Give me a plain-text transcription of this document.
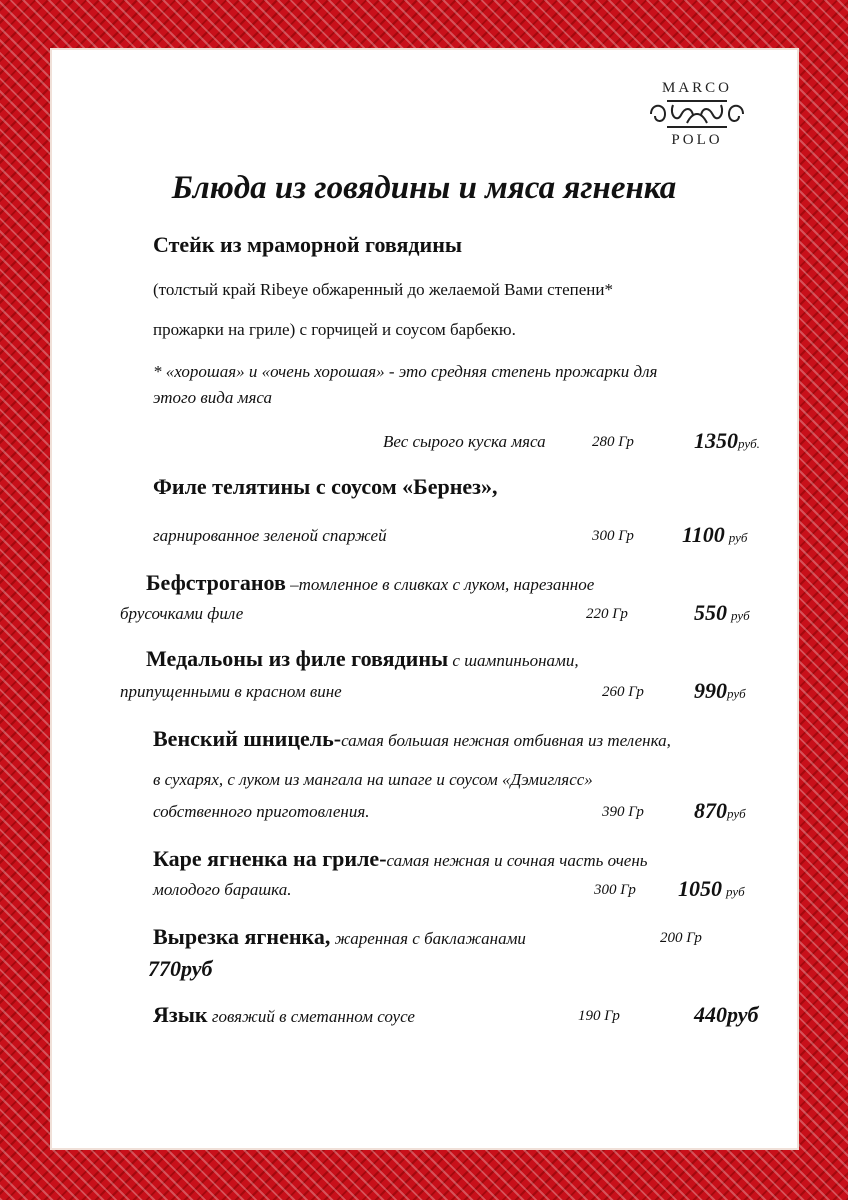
MARCO
POLO
Блюда из говядины и мяса ягненка
Стейк из мраморной говядины
(толстый край Ribeye обжаренный до желаемой Вами степени*
прожарки на гриле) с горчицей и соусом барбекю.
* «хорошая» и «очень хорошая» - это средняя степень прожарки для
этого вида мяса
Вес сырого куска мяса	280 Гр	1350руб.
Филе телятины с соусом «Бернез»,
гарнированное зеленой спаржей	300 Гр 1100 руб
Бефстроганов –томленное в сливках с луком, нарезанное
брусочками филе	220 Гр	550 руб
Медальоны из филе говядины с шампиньонами,
припущенными в красном вине	260 Гр 990руб
Венский шницель-самая большая нежная отбивная из теленка,
в сухарях, с луком из мангала на шпаге и соусом «Дэмиглясс»
собственного приготовления.	390 Гр 870руб
Каре ягненка на гриле-самая нежная и сочная часть очень
молодого барашка.	300 Гр 1050 руб
Вырезка ягненка, жаренная с баклажанами	200 Гр
770руб
Язык говяжий в сметанном соусе	190 Гр	440руб
